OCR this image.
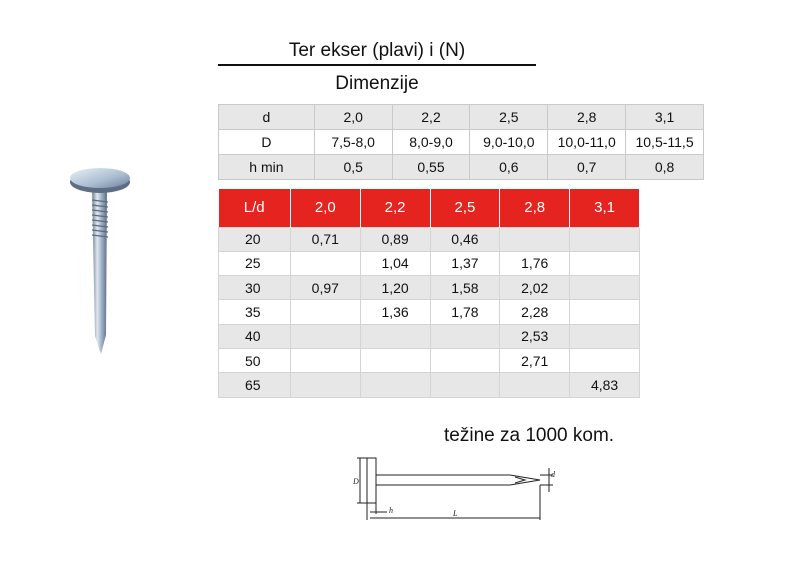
Ter ekser (plavi) i (N)
Dimenzije
d	2,0	2,2	2,5	2,8	3,1
D	7,5-8,0	8,0-9,0	9,0-10,0	10,0-11,0	10,5-11,5
h min	0,5	0,55	0,6	0,7	0,8
L/d	2,0	2,2	2,5	2,8	3,1
20	0,71	0,89	0,46		
25		1,04	1,37	1,76	
30	0,97	1,20	1,58	2,02	
35		1,36	1,78	2,28	
40				2,53	
50				2,71	
65					4,83
težine za 1000 kom.
D
h	L
d
